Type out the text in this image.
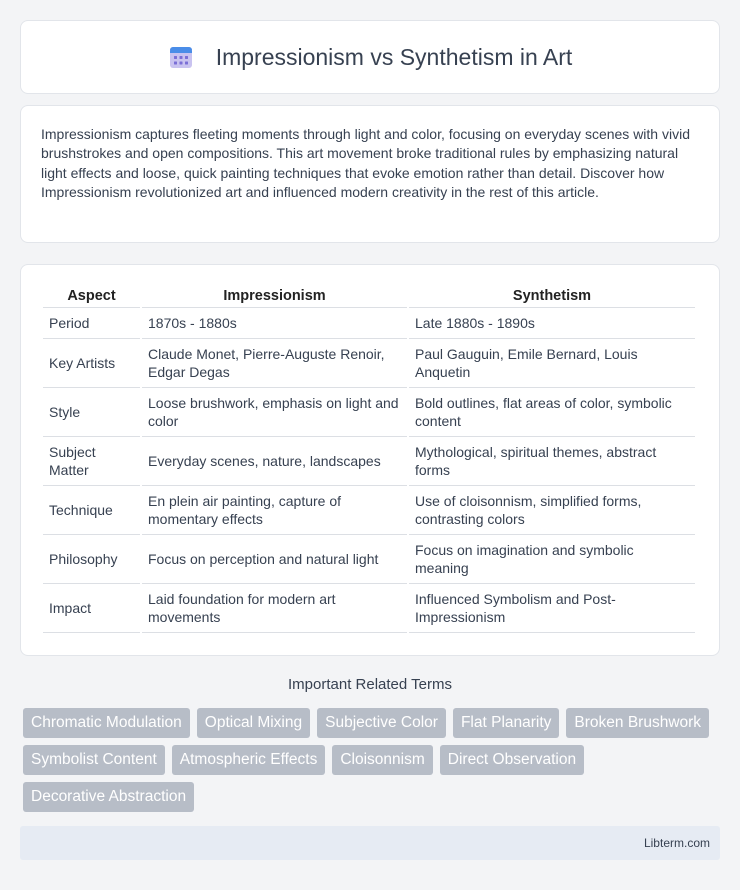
Impressionism vs Synthetism in Art

Impressionism captures fleeting moments through light and color, focusing on everyday scenes with vivid brushstrokes and open compositions. This art movement broke traditional rules by emphasizing natural light effects and loose, quick painting techniques that evoke emotion rather than detail. Discover how Impressionism revolutionized art and influenced modern creativity in the rest of this article.

Aspect	Impressionism	Synthetism
Period	1870s - 1880s	Late 1880s - 1890s
Key Artists	Claude Monet, Pierre-Auguste Renoir, Edgar Degas	Paul Gauguin, Emile Bernard, Louis Anquetin
Style	Loose brushwork, emphasis on light and color	Bold outlines, flat areas of color, symbolic content
Subject Matter	Everyday scenes, nature, landscapes	Mythological, spiritual themes, abstract forms
Technique	En plein air painting, capture of momentary effects	Use of cloisonnism, simplified forms, contrasting colors
Philosophy	Focus on perception and natural light	Focus on imagination and symbolic meaning
Impact	Laid foundation for modern art movements	Influenced Symbolism and Post-Impressionism
Important Related Terms
Chromatic Modulation	Optical Mixing	Subjective Color	Flat Planarity	Broken Brushwork
Symbolist Content	Atmospheric Effects	Cloisonnism	Direct Observation
Decorative Abstraction
Libterm.com
